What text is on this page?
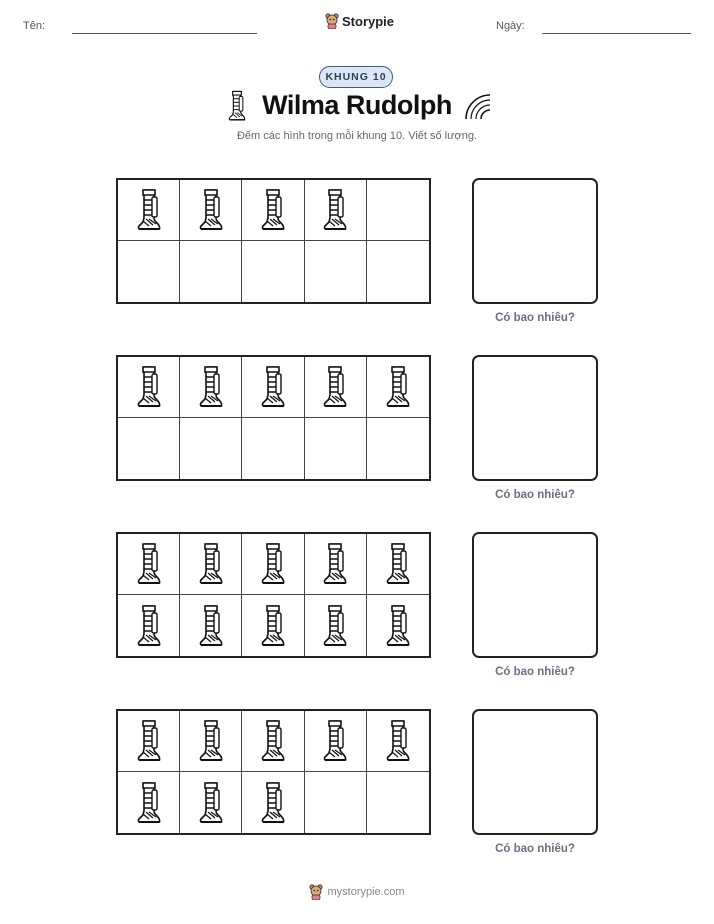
Tên:	Storypie	Ngày:
KHUNG 10
Wilma Rudolph
Đếm các hình trong mỗi khung 10. Viết số lượng.
Có bao nhiêu?
Có bao nhiêu?
Có bao nhiêu?
Có bao nhiêu?
mystorypie.com
